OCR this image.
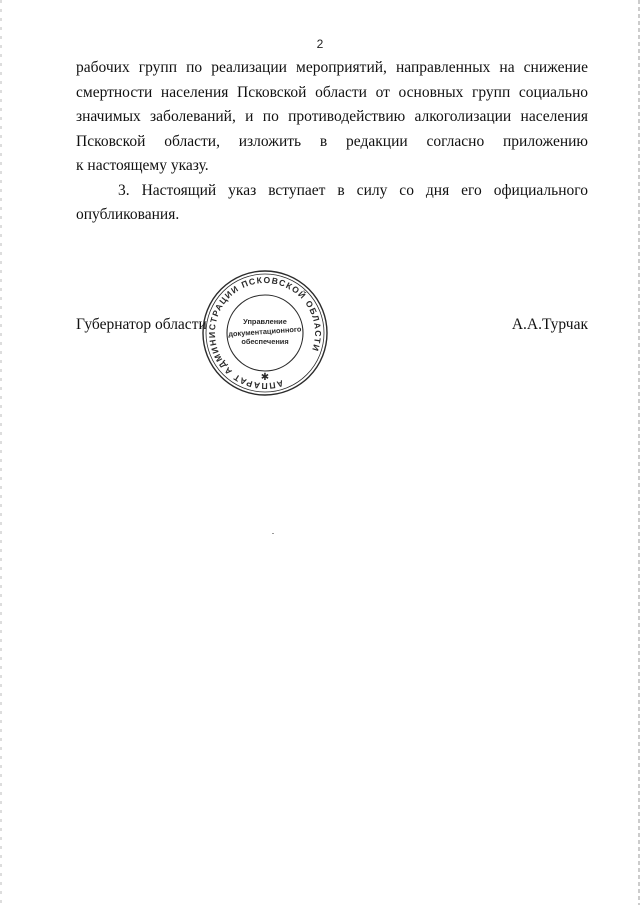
2
рабочих групп по реализации мероприятий, направленных на снижение
смертности населения Псковской области от основных групп социально
значимых заболеваний, и по противодействию алкоголизации населения
Псковской области, изложить в редакции согласно приложению
к настоящему указу.
3. Настоящий указ вступает в силу со дня его официального
опубликования.
Губернатор области	А.А.Турчак
АППАРАТ АДМИНИСТРАЦИИ ПСКОВСКОЙ ОБЛАСТИ
✱
Управление
документационного
обеспечения
